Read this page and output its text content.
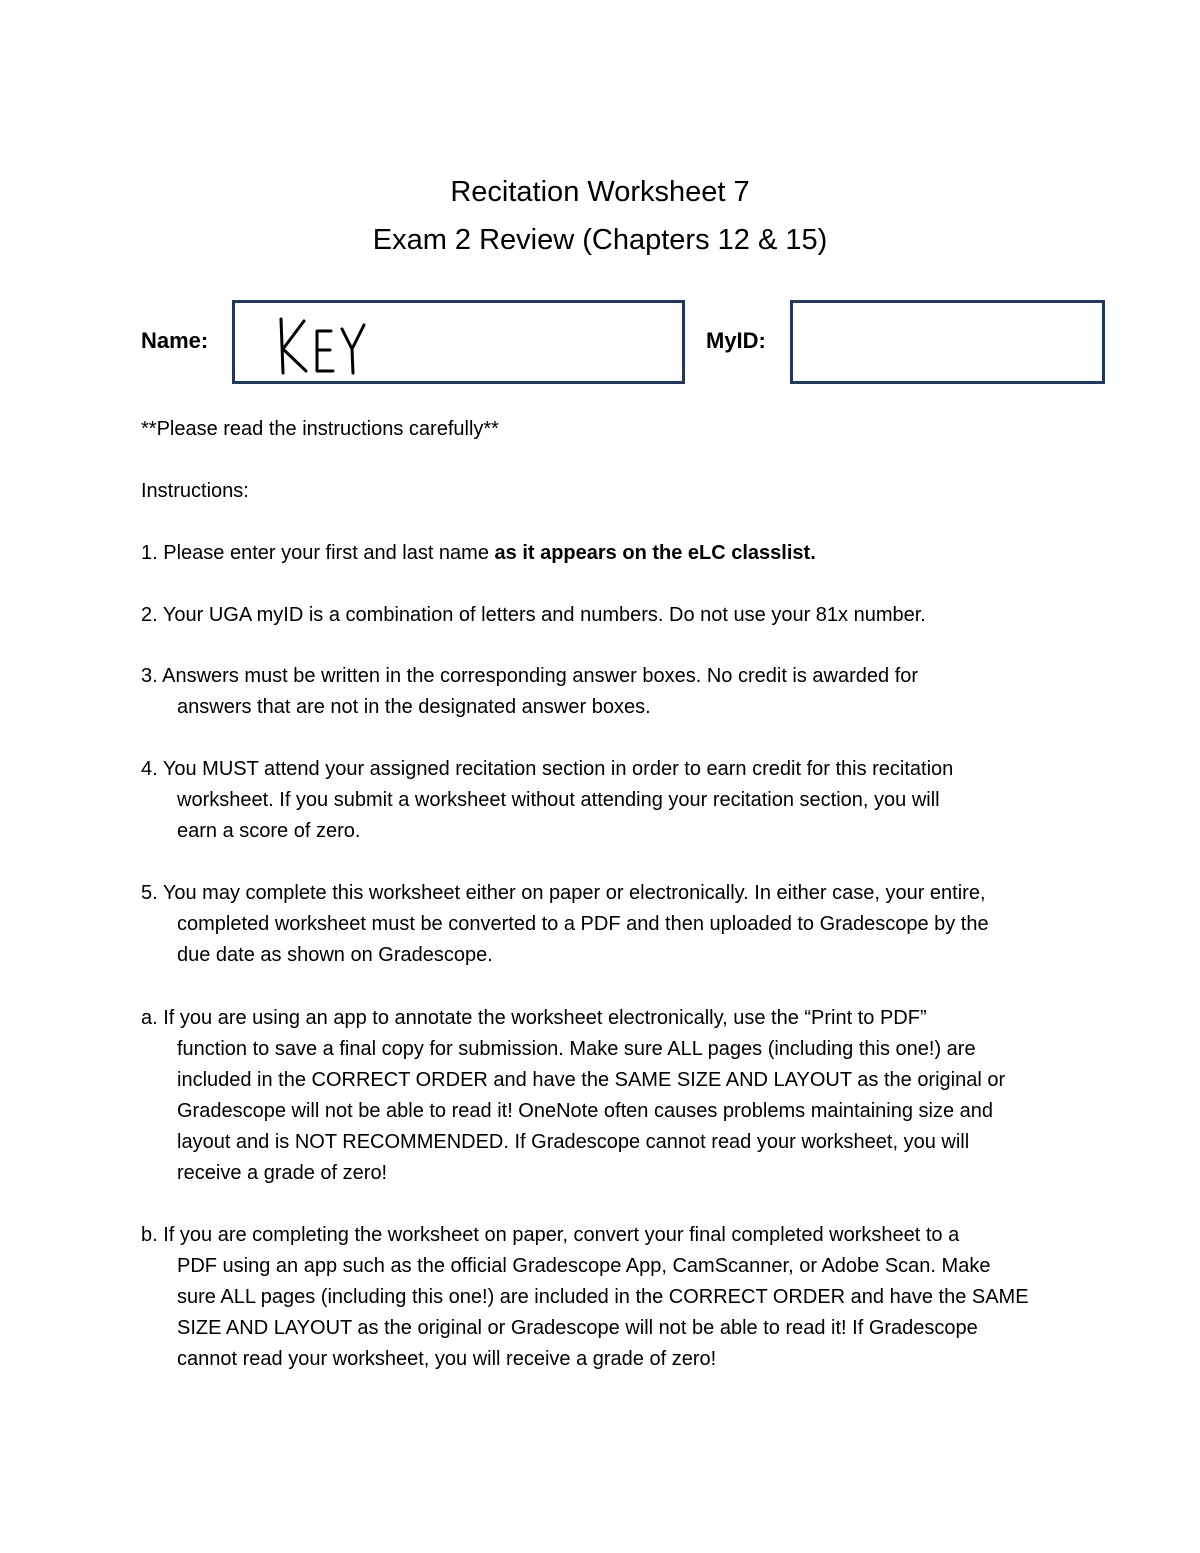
Recitation Worksheet 7
Exam 2 Review (Chapters 12 & 15)
Name:	MyID:
**Please read the instructions carefully**
Instructions:
1. Please enter your first and last name as it appears on the eLC classlist.
2. Your UGA myID is a combination of letters and numbers. Do not use your 81x number.
3. Answers must be written in the corresponding answer boxes. No credit is awarded for
answers that are not in the designated answer boxes.
4. You MUST attend your assigned recitation section in order to earn credit for this recitation
worksheet. If you submit a worksheet without attending your recitation section, you will
earn a score of zero.
5. You may complete this worksheet either on paper or electronically. In either case, your entire,
completed worksheet must be converted to a PDF and then uploaded to Gradescope by the
due date as shown on Gradescope.
a. If you are using an app to annotate the worksheet electronically, use the “Print to PDF”
function to save a final copy for submission. Make sure ALL pages (including this one!) are
included in the CORRECT ORDER and have the SAME SIZE AND LAYOUT as the original or
Gradescope will not be able to read it! OneNote often causes problems maintaining size and
layout and is NOT RECOMMENDED. If Gradescope cannot read your worksheet, you will
receive a grade of zero!
b. If you are completing the worksheet on paper, convert your final completed worksheet to a
PDF using an app such as the official Gradescope App, CamScanner, or Adobe Scan. Make
sure ALL pages (including this one!) are included in the CORRECT ORDER and have the SAME
SIZE AND LAYOUT as the original or Gradescope will not be able to read it! If Gradescope
cannot read your worksheet, you will receive a grade of zero!
